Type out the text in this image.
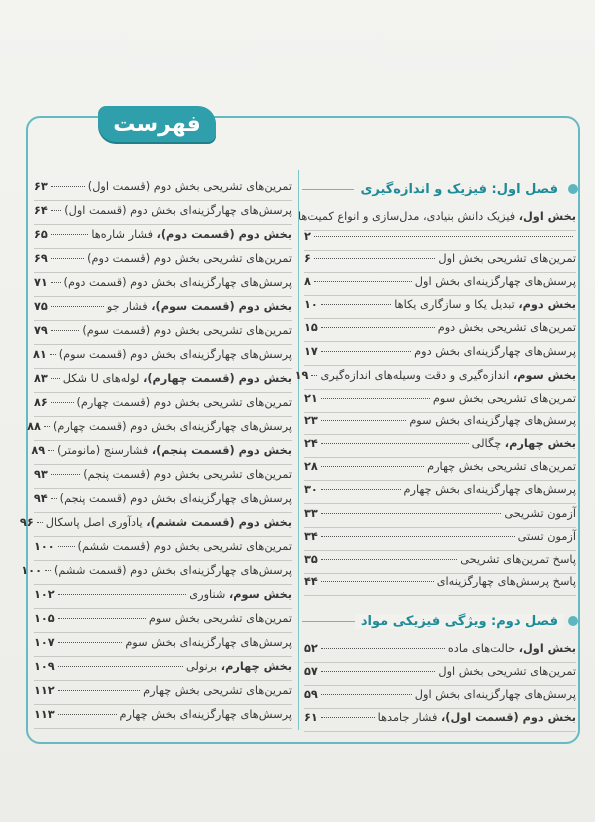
فهرست
فصل اول: فیزیک و اندازه‌گیری
فصل دوم: ویژگی فیزیکی مواد
بخش اول، فیزیک دانش بنیادی، مدل‌سازی و انواع کمیت‌ها
۲
تمرین‌های تشریحی بخش اول
۶
پرسش‌های چهارگزینه‌ای بخش اول
۸
بخش دوم، تبدیل یکا و سازگاری یکاها
۱۰
تمرین‌های تشریحی بخش دوم
۱۵
پرسش‌های چهارگزینه‌ای بخش دوم
۱۷
بخش سوم، اندازه‌گیری و دقت وسیله‌های اندازه‌گیری
۱۹
تمرین‌های تشریحی بخش سوم
۲۱
پرسش‌های چهارگزینه‌ای بخش سوم
۲۳
بخش چهارم، چگالی
۲۴
تمرین‌های تشریحی بخش چهارم
۲۸
پرسش‌های چهارگزینه‌ای بخش چهارم
۳۰
آزمون تشریحی
۳۳
آزمون تستی
۳۴
پاسخ تمرین‌های تشریحی
۳۵
پاسخ پرسش‌های چهارگزینه‌ای
۴۴
بخش اول، حالت‌های ماده
۵۲
تمرین‌های تشریحی بخش اول
۵۷
پرسش‌های چهارگزینه‌ای بخش اول
۵۹
بخش دوم (قسمت اول)، فشار جامدها
۶۱
تمرین‌های تشریحی بخش دوم (قسمت اول)
۶۳
پرسش‌های چهارگزینه‌ای بخش دوم (قسمت اول)
۶۴
بخش دوم (قسمت دوم)، فشار شاره‌ها
۶۵
تمرین‌های تشریحی بخش دوم (قسمت دوم)
۶۹
پرسش‌های چهارگزینه‌ای بخش دوم (قسمت دوم)
۷۱
بخش دوم (قسمت سوم)، فشار جو
۷۵
تمرین‌های تشریحی بخش دوم (قسمت سوم)
۷۹
پرسش‌های چهارگزینه‌ای بخش دوم (قسمت سوم)
۸۱
بخش دوم (قسمت چهارم)، لوله‌های U شکل
۸۳
تمرین‌های تشریحی بخش دوم (قسمت چهارم)
۸۶
پرسش‌های چهارگزینه‌ای بخش دوم (قسمت چهارم)
۸۸
بخش دوم (قسمت پنجم)، فشارسنج (مانومتر)
۸۹
تمرین‌های تشریحی بخش دوم (قسمت پنجم)
۹۳
پرسش‌های چهارگزینه‌ای بخش دوم (قسمت پنجم)
۹۴
بخش دوم (قسمت ششم)، یادآوری اصل پاسکال
۹۶
تمرین‌های تشریحی بخش دوم (قسمت ششم)
۱۰۰
پرسش‌های چهارگزینه‌ای بخش دوم (قسمت ششم)
۱۰۰
بخش سوم، شناوری
۱۰۲
تمرین‌های تشریحی بخش سوم
۱۰۵
پرسش‌های چهارگزینه‌ای بخش سوم
۱۰۷
بخش چهارم، برنولی
۱۰۹
تمرین‌های تشریحی بخش چهارم
۱۱۲
پرسش‌های چهارگزینه‌ای بخش چهارم
۱۱۳
